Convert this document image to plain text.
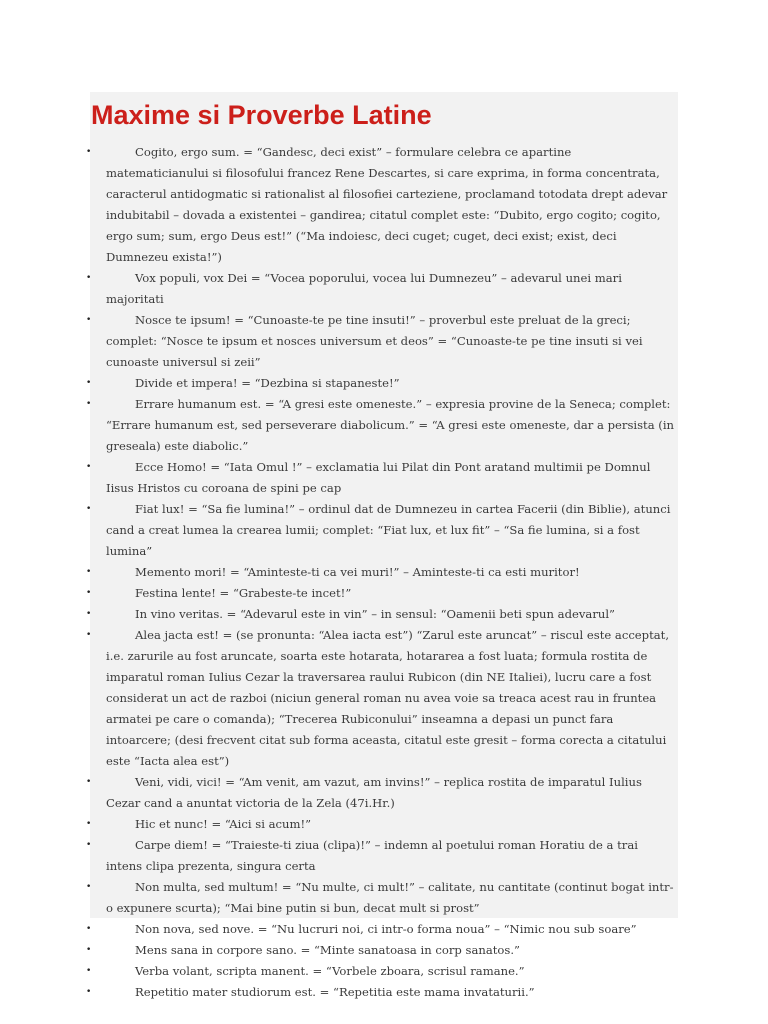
Maxime si Proverbe Latine
•	Cogito, ergo sum. = “Gandesc, deci exist” – formulare celebra ce apartine matematicianului si filosofului francez Rene Descartes, si care exprima, in forma concentrata, caracterul antidogmatic si rationalist al filosofiei carteziene, proclamand totodata drept adevar indubitabil – dovada a existentei – gandirea; citatul complet este: “Dubito, ergo cogito; cogito, ergo sum; sum, ergo Deus est!” (“Ma indoiesc, deci cuget; cuget, deci exist; exist, deci Dumnezeu exista!”)
•	Vox populi, vox Dei = “Vocea poporului, vocea lui Dumnezeu” – adevarul unei mari majoritati
•	Nosce te ipsum! = “Cunoaste-te pe tine insuti!” – proverbul este preluat de la greci; complet: “Nosce te ipsum et nosces universum et deos” = “Cunoaste-te pe tine insuti si vei cunoaste universul si zeii”
•	Divide et impera! = “Dezbina si stapaneste!”
•	Errare humanum est. = “A gresi este omeneste.” – expresia provine de la Seneca; complet: “Errare humanum est, sed perseverare diabolicum.” = “A gresi este omeneste, dar a persista (in greseala) este diabolic.”
•	Ecce Homo! = “Iata Omul !” – exclamatia lui Pilat din Pont aratand multimii pe Domnul Iisus Hristos cu coroana de spini pe cap
•	Fiat lux! = “Sa fie lumina!” – ordinul dat de Dumnezeu in cartea Facerii (din Biblie), atunci cand a creat lumea la crearea lumii; complet: “Fiat lux, et lux fit” – “Sa fie lumina, si a fost lumina”
•	Memento mori! = “Aminteste-ti ca vei muri!” – Aminteste-ti ca esti muritor!
•	Festina lente! = “Grabeste-te incet!”
•	In vino veritas. = “Adevarul este in vin” – in sensul: “Oamenii beti spun adevarul”
•	Alea jacta est! = (se pronunta: “Alea iacta est”) “Zarul este aruncat” – riscul este acceptat, i.e. zarurile au fost aruncate, soarta este hotarata, hotararea a fost luata; formula rostita de imparatul roman Iulius Cezar la traversarea raului Rubicon (din NE Italiei), lucru care a fost considerat un act de razboi (niciun general roman nu avea voie sa treaca acest rau in fruntea armatei pe care o comanda); “Trecerea Rubiconului” inseamna a depasi un punct fara intoarcere; (desi frecvent citat sub forma aceasta, citatul este gresit – forma corecta a citatului este “Iacta alea est”)
•	Veni, vidi, vici! = “Am venit, am vazut, am invins!” – replica rostita de imparatul Iulius Cezar cand a anuntat victoria de la Zela (47i.Hr.)
•	Hic et nunc! = “Aici si acum!”
•	Carpe diem! = “Traieste-ti ziua (clipa)!” – indemn al poetului roman Horatiu de a trai intens clipa prezenta, singura certa
•	Non multa, sed multum! = “Nu multe, ci mult!” – calitate, nu cantitate (continut bogat intr-o expunere scurta); “Mai bine putin si bun, decat mult si prost”
•	Non nova, sed nove. = “Nu lucruri noi, ci intr-o forma noua” – “Nimic nou sub soare”
•	Mens sana in corpore sano. = “Minte sanatoasa in corp sanatos.”
•	Verba volant, scripta manent. = “Vorbele zboara, scrisul ramane.”
•	Repetitio mater studiorum est. = “Repetitia este mama invataturii.”
